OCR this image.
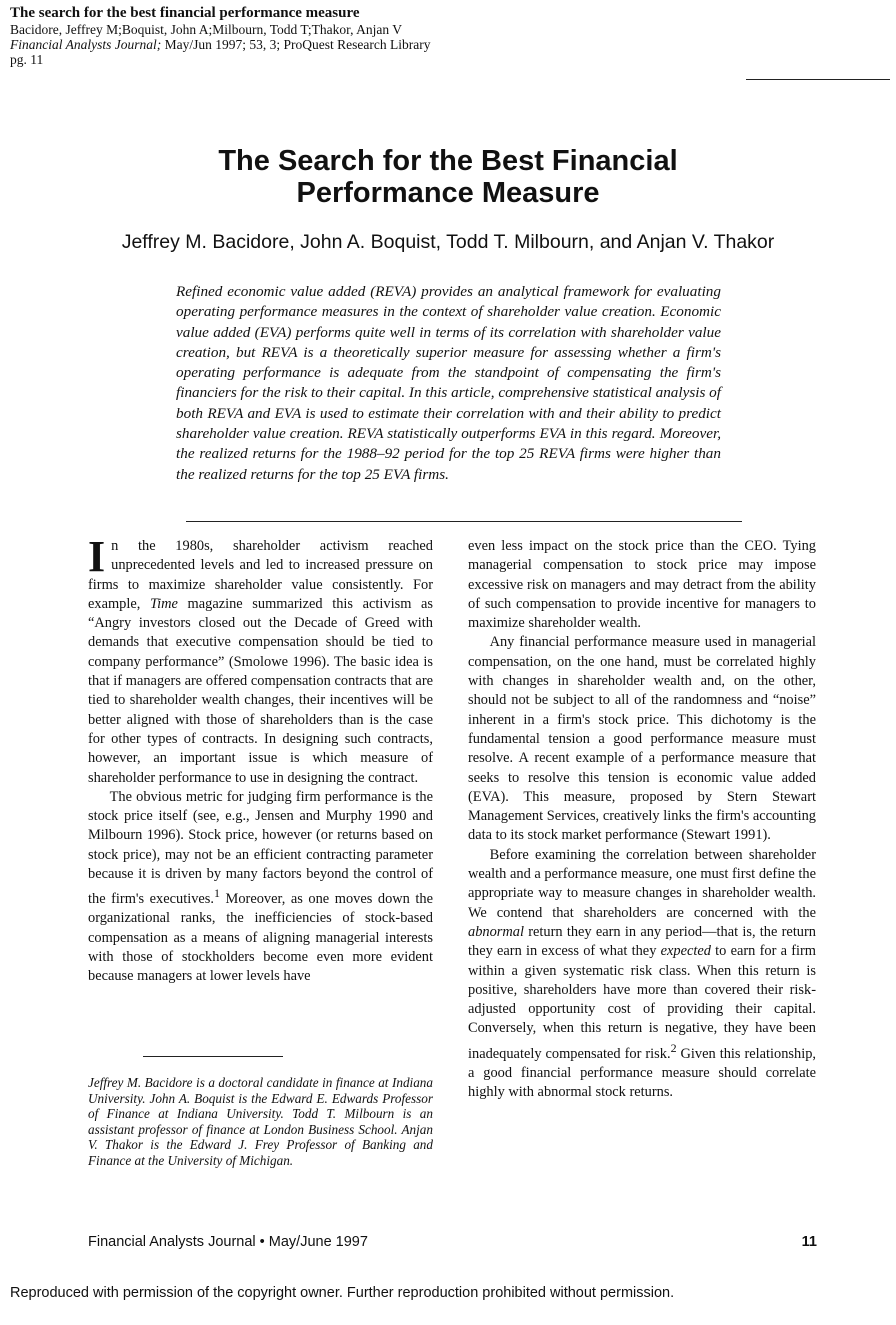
The search for the best financial performance measure
Bacidore, Jeffrey M;Boquist, John A;Milbourn, Todd T;Thakor, Anjan V
Financial Analysts Journal; May/Jun 1997; 53, 3; ProQuest Research Library
pg. 11
The Search for the Best Financial
Performance Measure
Jeffrey M. Bacidore, John A. Boquist, Todd T. Milbourn, and Anjan V. Thakor
Refined economic value added (REVA) provides an analytical framework for evaluating operating performance measures in the context of shareholder value creation. Economic value added (EVA) performs quite well in terms of its correlation with shareholder value creation, but REVA is a theoretically superior measure for assessing whether a firm's operating performance is adequate from the standpoint of compensating the firm's financiers for the risk to their capital. In this article, comprehensive statistical analysis of both REVA and EVA is used to estimate their correlation with and their ability to predict shareholder value creation. REVA statistically outperforms EVA in this regard. Moreover, the realized returns for the 1988–92 period for the top 25 REVA firms were higher than the realized returns for the top 25 EVA firms.

In the 1980s, shareholder activism reached unprecedented levels and led to increased pressure on firms to maximize shareholder value consistently. For example, Time magazine summarized this activism as “Angry investors closed out the Decade of Greed with demands that executive compensation should be tied to company performance” (Smolowe 1996). The basic idea is that if managers are offered compensation contracts that are tied to shareholder wealth changes, their incentives will be better aligned with those of shareholders than is the case for other types of contracts. In designing such contracts, however, an important issue is which measure of shareholder performance to use in designing the contract.

The obvious metric for judging firm performance is the stock price itself (see, e.g., Jensen and Murphy 1990 and Milbourn 1996). Stock price, however (or returns based on stock price), may not be an efficient contracting parameter because it is driven by many factors beyond the control of the firm's executives.$^1$ Moreover, as one moves down the organizational ranks, the inefficiencies of stock-based compensation as a means of aligning managerial interests with those of stockholders become even more evident because managers at lower levels have

Jeffrey M. Bacidore is a doctoral candidate in finance at Indiana University. John A. Boquist is the Edward E. Edwards Professor of Finance at Indiana University. Todd T. Milbourn is an assistant professor of finance at London Business School. Anjan V. Thakor is the Edward J. Frey Professor of Banking and Finance at the University of Michigan.

even less impact on the stock price than the CEO. Tying managerial compensation to stock price may impose excessive risk on managers and may detract from the ability of such compensation to provide incentive for managers to maximize shareholder wealth.

Any financial performance measure used in managerial compensation, on the one hand, must be correlated highly with changes in shareholder wealth and, on the other, should not be subject to all of the randomness and “noise” inherent in a firm's stock price. This dichotomy is the fundamental tension a good performance measure must resolve. A recent example of a performance measure that seeks to resolve this tension is economic value added (EVA). This measure, proposed by Stern Stewart Management Services, creatively links the firm's accounting data to its stock market performance (Stewart 1991).

Before examining the correlation between shareholder wealth and a performance measure, one must first define the appropriate way to measure changes in shareholder wealth. We contend that shareholders are concerned with the abnormal return they earn in any period—that is, the return they earn in excess of what they expected to earn for a firm within a given systematic risk class. When this return is positive, shareholders have more than covered their risk-adjusted opportunity cost of providing their capital. Conversely, when this return is negative, they have been inadequately compensated for risk.$^2$ Given this relationship, a good financial performance measure should correlate highly with abnormal stock returns.

Financial Analysts Journal • May/June 1997	11
Reproduced with permission of the copyright owner. Further reproduction prohibited without permission.
